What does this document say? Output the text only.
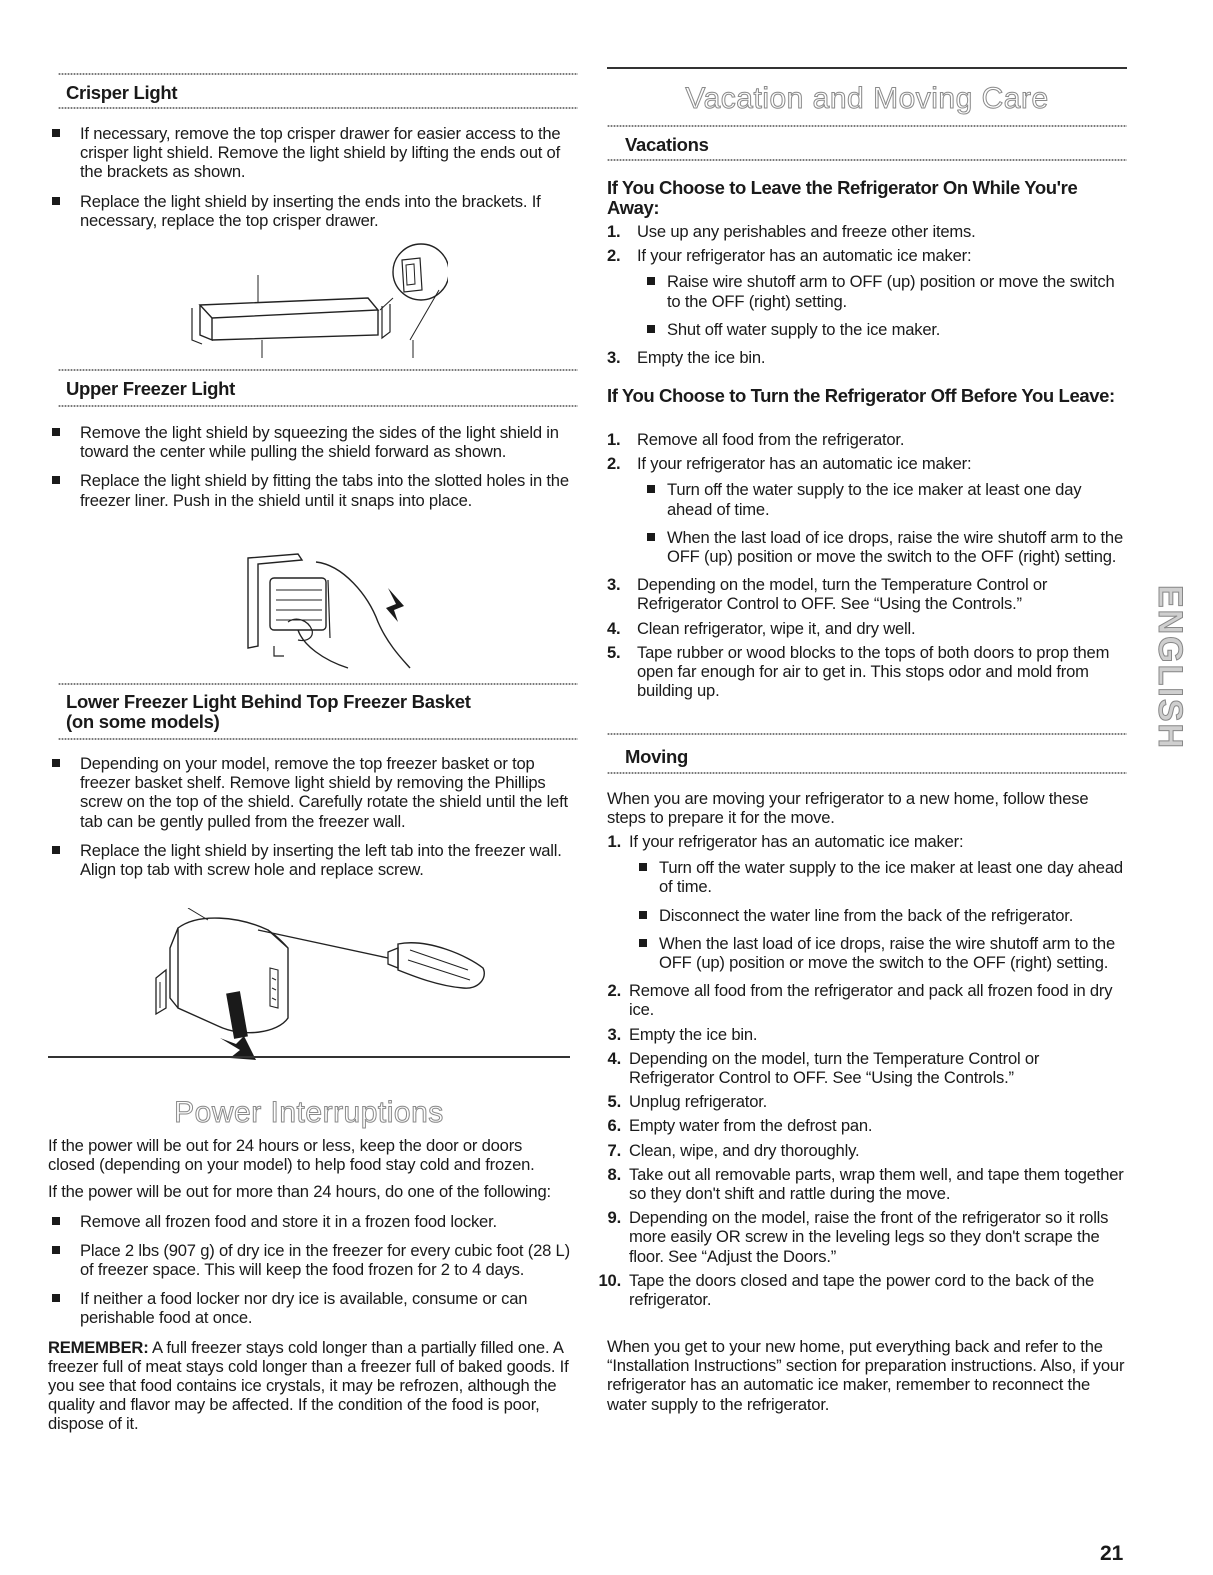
Crisper Light
If necessary, remove the top crisper drawer for easier access to the crisper light shield. Remove the light shield by lifting the ends out of the brackets as shown.
Replace the light shield by inserting the ends into the brackets. If necessary, replace the top crisper drawer.
Upper Freezer Light
Remove the light shield by squeezing the sides of the light shield in toward the center while pulling the shield forward as shown.
Replace the light shield by fitting the tabs into the slotted holes in the freezer liner. Push in the shield until it snaps into place.
Lower Freezer Light Behind Top Freezer Basket
(on some models)
Depending on your model, remove the top freezer basket or top freezer basket shelf. Remove light shield by removing the Phillips screw on the top of the shield. Carefully rotate the shield until the left tab can be gently pulled from the freezer wall.
Replace the light shield by inserting the left tab into the freezer wall. Align top tab with screw hole and replace screw.
Power Interruptions

If the power will be out for 24 hours or less, keep the door or doors closed (depending on your model) to help food stay cold and frozen.

If the power will be out for more than 24 hours, do one of the following:

Remove all frozen food and store it in a frozen food locker.
Place 2 lbs (907 g) of dry ice in the freezer for every cubic foot (28 L) of freezer space. This will keep the food frozen for 2 to 4 days.
If neither a food locker nor dry ice is available, consume or can perishable food at once.

REMEMBER: A full freezer stays cold longer than a partially filled one. A freezer full of meat stays cold longer than a freezer full of baked goods. If you see that food contains ice crystals, it may be refrozen, although the quality and flavor may be affected. If the condition of the food is poor, dispose of it.

Vacation and Moving Care
Vacations
If You Choose to Leave the Refrigerator On While You're Away:
1. Use up any perishables and freeze other items.
2. If your refrigerator has an automatic ice maker:
Raise wire shutoff arm to OFF (up) position or move the switch to the OFF (right) setting.
Shut off water supply to the ice maker.
3. Empty the ice bin.
If You Choose to Turn the Refrigerator Off Before You Leave:
1. Remove all food from the refrigerator.
2. If your refrigerator has an automatic ice maker:
Turn off the water supply to the ice maker at least one day ahead of time.
When the last load of ice drops, raise the wire shutoff arm to the OFF (up) position or move the switch to the OFF (right) setting.
3. Depending on the model, turn the Temperature Control or Refrigerator Control to OFF. See “Using the Controls.”
4. Clean refrigerator, wipe it, and dry well.
5. Tape rubber or wood blocks to the tops of both doors to prop them open far enough for air to get in. This stops odor and mold from building up.
Moving

When you are moving your refrigerator to a new home, follow these steps to prepare it for the move.

1. If your refrigerator has an automatic ice maker:
Turn off the water supply to the ice maker at least one day ahead of time.
Disconnect the water line from the back of the refrigerator.
When the last load of ice drops, raise the wire shutoff arm to the OFF (up) position or move the switch to the OFF (right) setting.
2. Remove all food from the refrigerator and pack all frozen food in dry ice.
3. Empty the ice bin.
4. Depending on the model, turn the Temperature Control or Refrigerator Control to OFF. See “Using the Controls.”
5. Unplug refrigerator.
6. Empty water from the defrost pan.
7. Clean, wipe, and dry thoroughly.
8. Take out all removable parts, wrap them well, and tape them together so they don't shift and rattle during the move.
9. Depending on the model, raise the front of the refrigerator so it rolls more easily OR screw in the leveling legs so they don't scrape the floor. See “Adjust the Doors.”
10. Tape the doors closed and tape the power cord to the back of the refrigerator.

When you get to your new home, put everything back and refer to the “Installation Instructions” section for preparation instructions. Also, if your refrigerator has an automatic ice maker, remember to reconnect the water supply to the refrigerator.

ENGLISH
21
